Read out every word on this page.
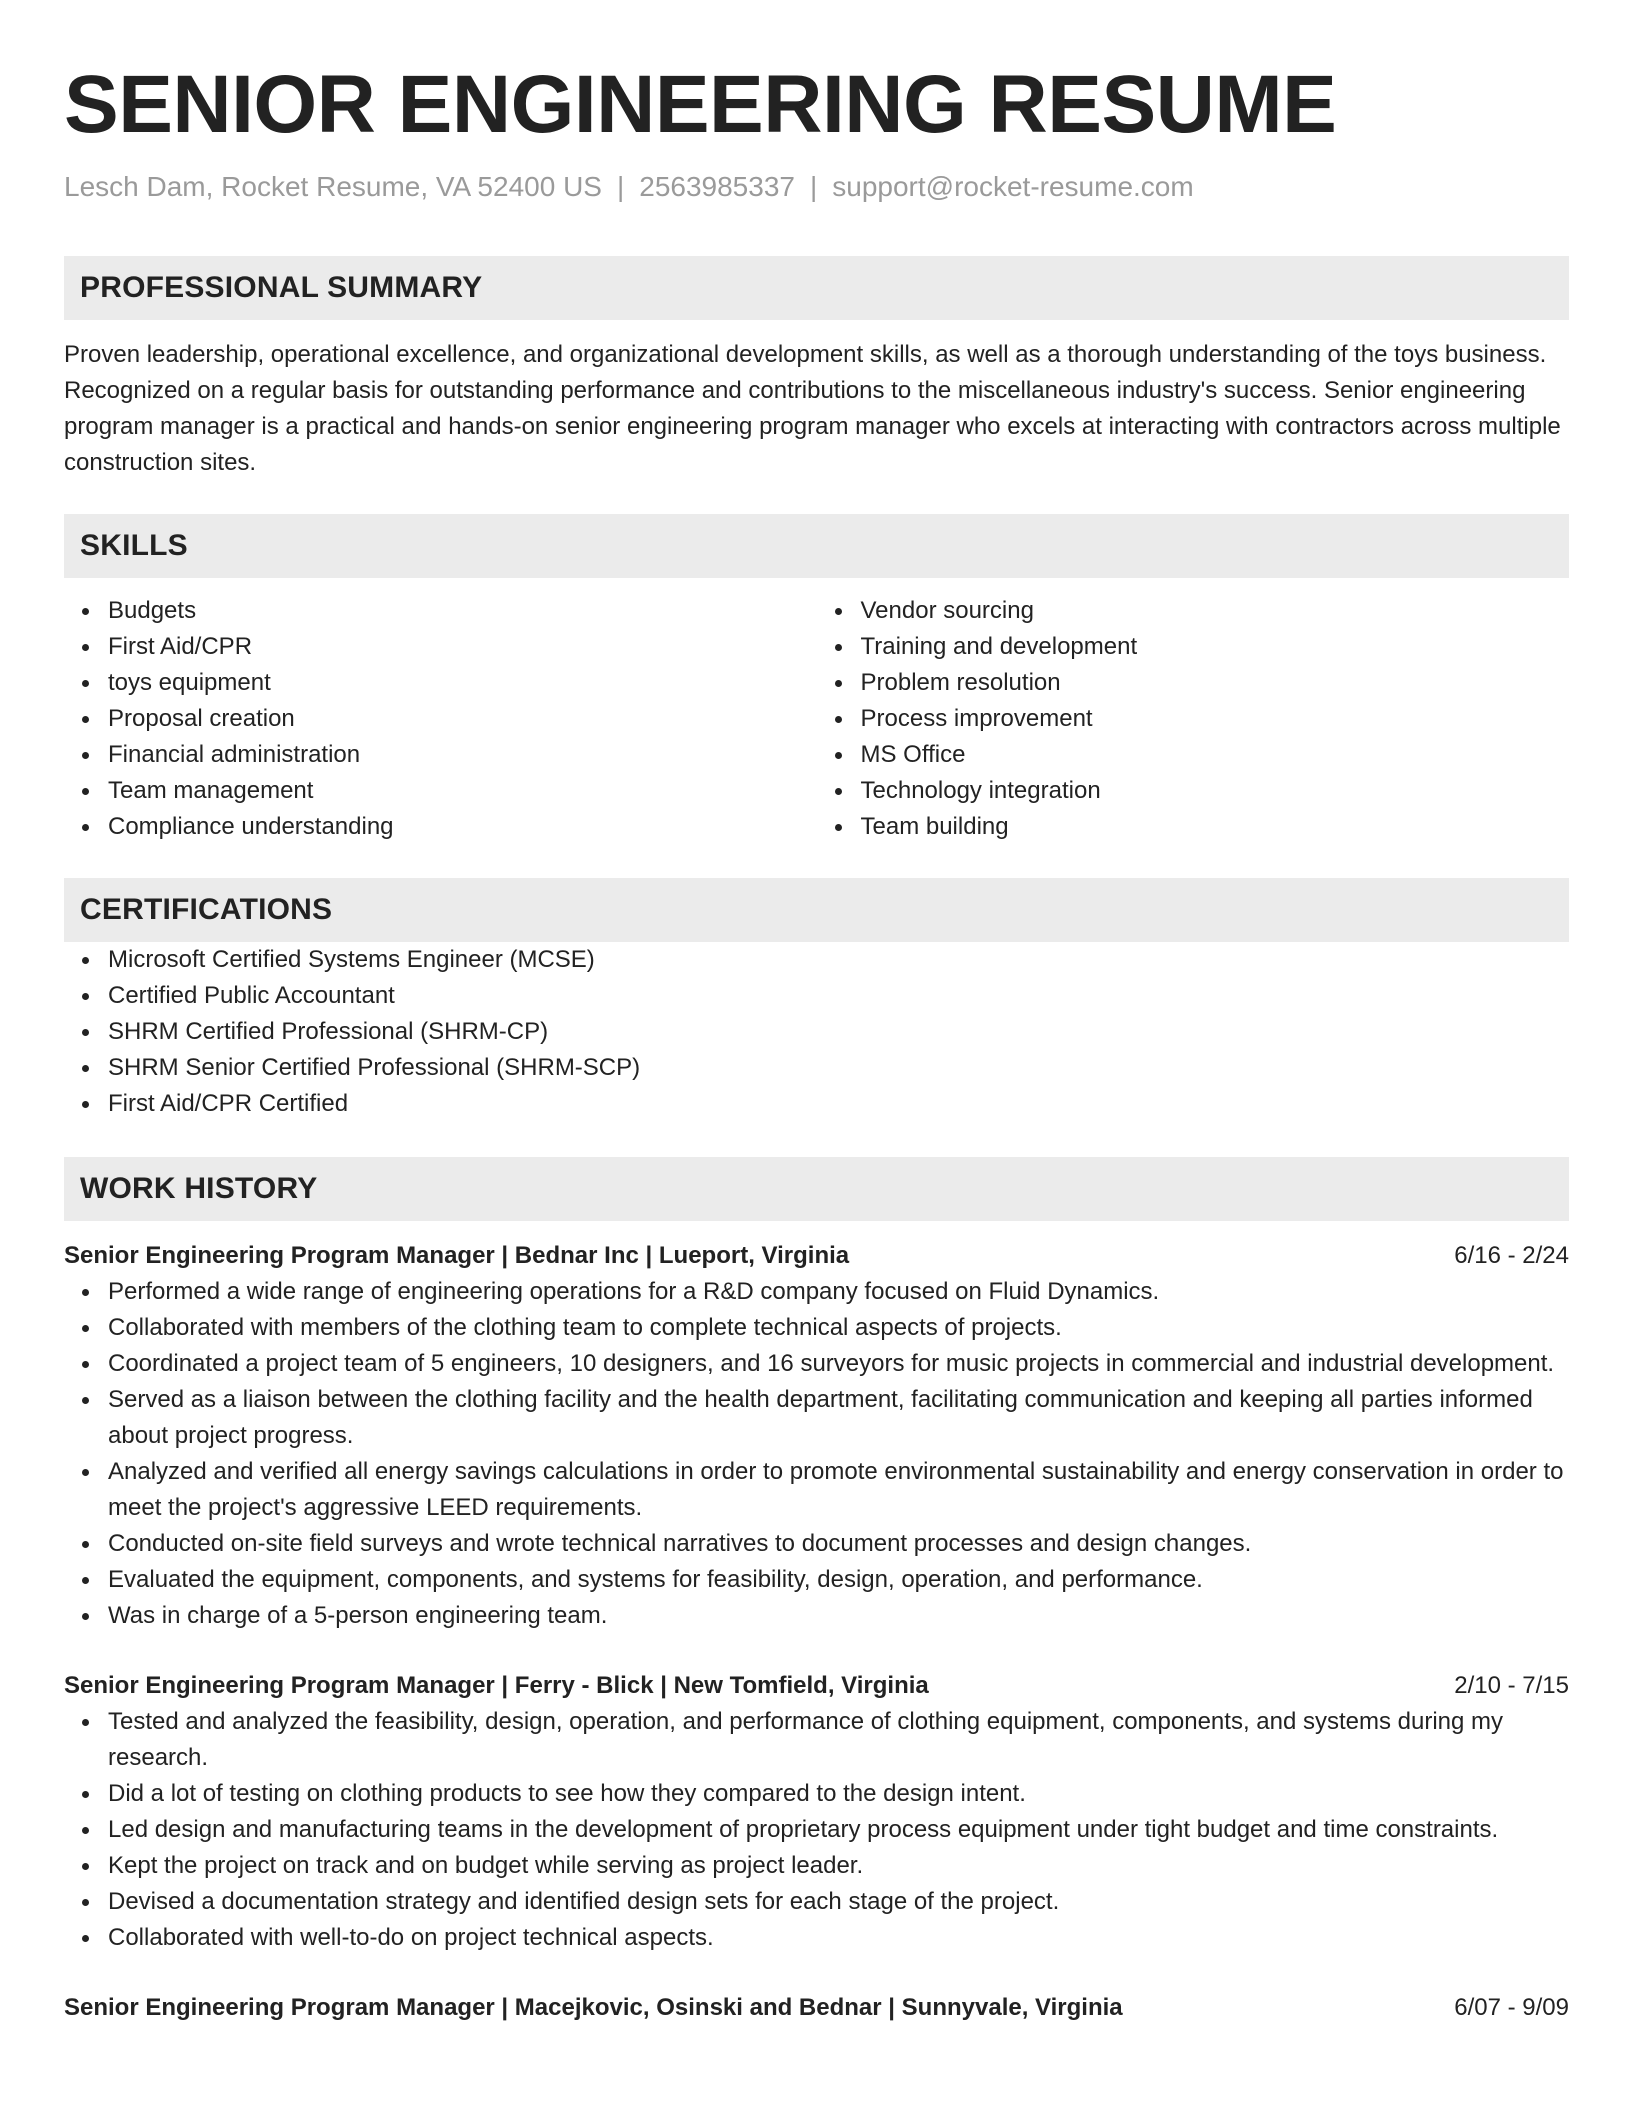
SENIOR ENGINEERING RESUME
Lesch Dam, Rocket Resume, VA 52400 US | 2563985337 | support@rocket-resume.com
PROFESSIONAL SUMMARY

Proven leadership, operational excellence, and organizational development skills, as well as a thorough understanding of the toys business. Recognized on a regular basis for outstanding performance and contributions to the miscellaneous industry's success. Senior engineering program manager is a practical and hands-on senior engineering program manager who excels at interacting with contractors across multiple construction sites.

SKILLS
Budgets
First Aid/CPR
toys equipment
Proposal creation
Financial administration
Team management
Compliance understanding
Vendor sourcing
Training and development
Problem resolution
Process improvement
MS Office
Technology integration
Team building
CERTIFICATIONS
Microsoft Certified Systems Engineer (MCSE)
Certified Public Accountant
SHRM Certified Professional (SHRM-CP)
SHRM Senior Certified Professional (SHRM-SCP)
First Aid/CPR Certified
WORK HISTORY
Senior Engineering Program Manager | Bednar Inc | Lueport, Virginia	6/16 - 2/24
Performed a wide range of engineering operations for a R&D company focused on Fluid Dynamics.
Collaborated with members of the clothing team to complete technical aspects of projects.
Coordinated a project team of 5 engineers, 10 designers, and 16 surveyors for music projects in commercial and industrial development.
Served as a liaison between the clothing facility and the health department, facilitating communication and keeping all parties informed about project progress.
Analyzed and verified all energy savings calculations in order to promote environmental sustainability and energy conservation in order to meet the project's aggressive LEED requirements.
Conducted on-site field surveys and wrote technical narratives to document processes and design changes.
Evaluated the equipment, components, and systems for feasibility, design, operation, and performance.
Was in charge of a 5-person engineering team.
Senior Engineering Program Manager | Ferry - Blick | New Tomfield, Virginia	2/10 - 7/15
Tested and analyzed the feasibility, design, operation, and performance of clothing equipment, components, and systems during my research.
Did a lot of testing on clothing products to see how they compared to the design intent.
Led design and manufacturing teams in the development of proprietary process equipment under tight budget and time constraints.
Kept the project on track and on budget while serving as project leader.
Devised a documentation strategy and identified design sets for each stage of the project.
Collaborated with well-to-do on project technical aspects.
Senior Engineering Program Manager | Macejkovic, Osinski and Bednar | Sunnyvale, Virginia	6/07 - 9/09
